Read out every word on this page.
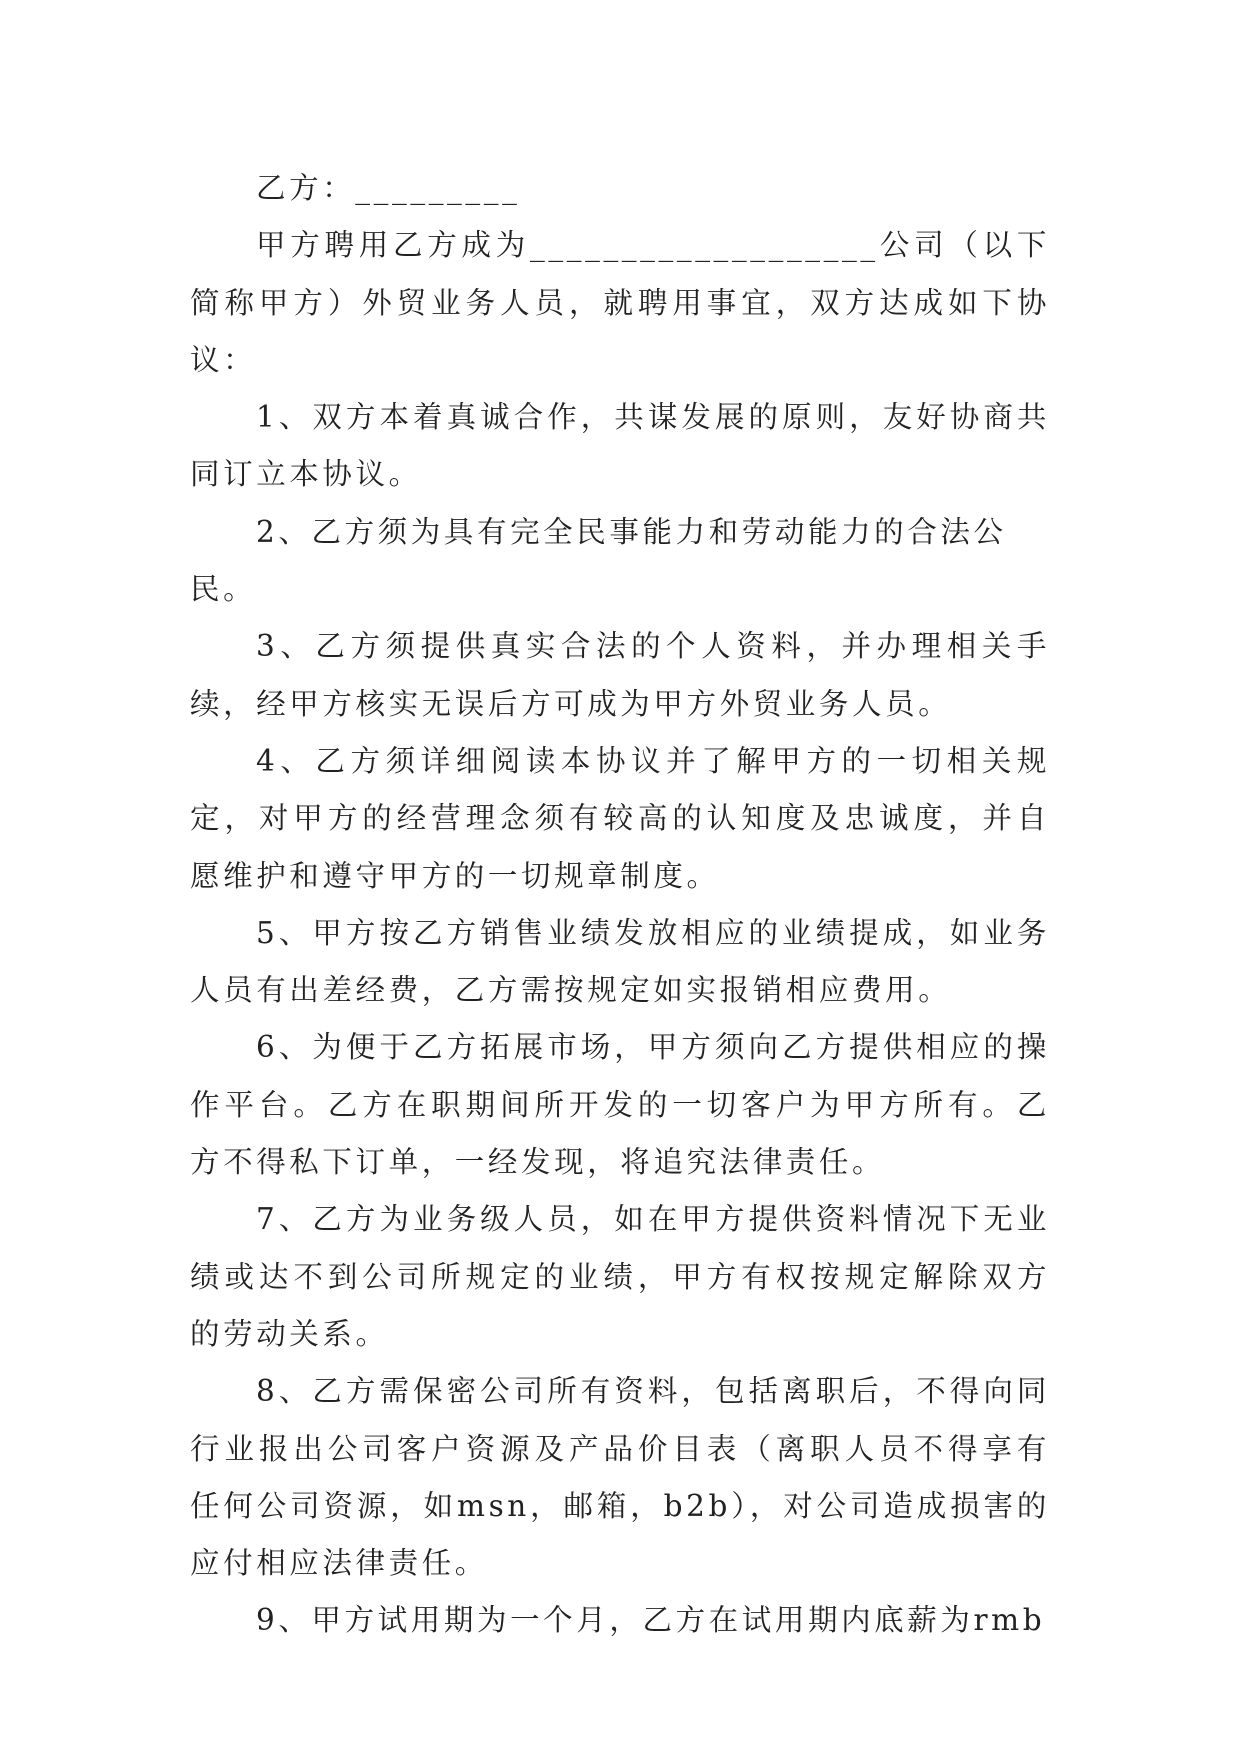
乙方：_________

甲方聘用乙方成为___________________公司（以下简称甲方）外贸业务人员，就聘用事宜，双方达成如下协议：

1、双方本着真诚合作，共谋发展的原则，友好协商共同订立本协议。

2、乙方须为具有完全民事能力和劳动能力的合法公民。

3、乙方须提供真实合法的个人资料，并办理相关手续，经甲方核实无误后方可成为甲方外贸业务人员。

4、乙方须详细阅读本协议并了解甲方的一切相关规定，对甲方的经营理念须有较高的认知度及忠诚度，并自愿维护和遵守甲方的一切规章制度。

5、甲方按乙方销售业绩发放相应的业绩提成，如业务人员有出差经费，乙方需按规定如实报销相应费用。

6、为便于乙方拓展市场，甲方须向乙方提供相应的操作平台。乙方在职期间所开发的一切客户为甲方所有。乙方不得私下订单，一经发现，将追究法律责任。

7、乙方为业务级人员，如在甲方提供资料情况下无业绩或达不到公司所规定的业绩，甲方有权按规定解除双方的劳动关系。

8、乙方需保密公司所有资料，包括离职后，不得向同行业报出公司客户资源及产品价目表（离职人员不得享有任何公司资源，如msn，邮箱，b2b），对公司造成损害的应付相应法律责任。

9、甲方试用期为一个月，乙方在试用期内底薪为rmb
